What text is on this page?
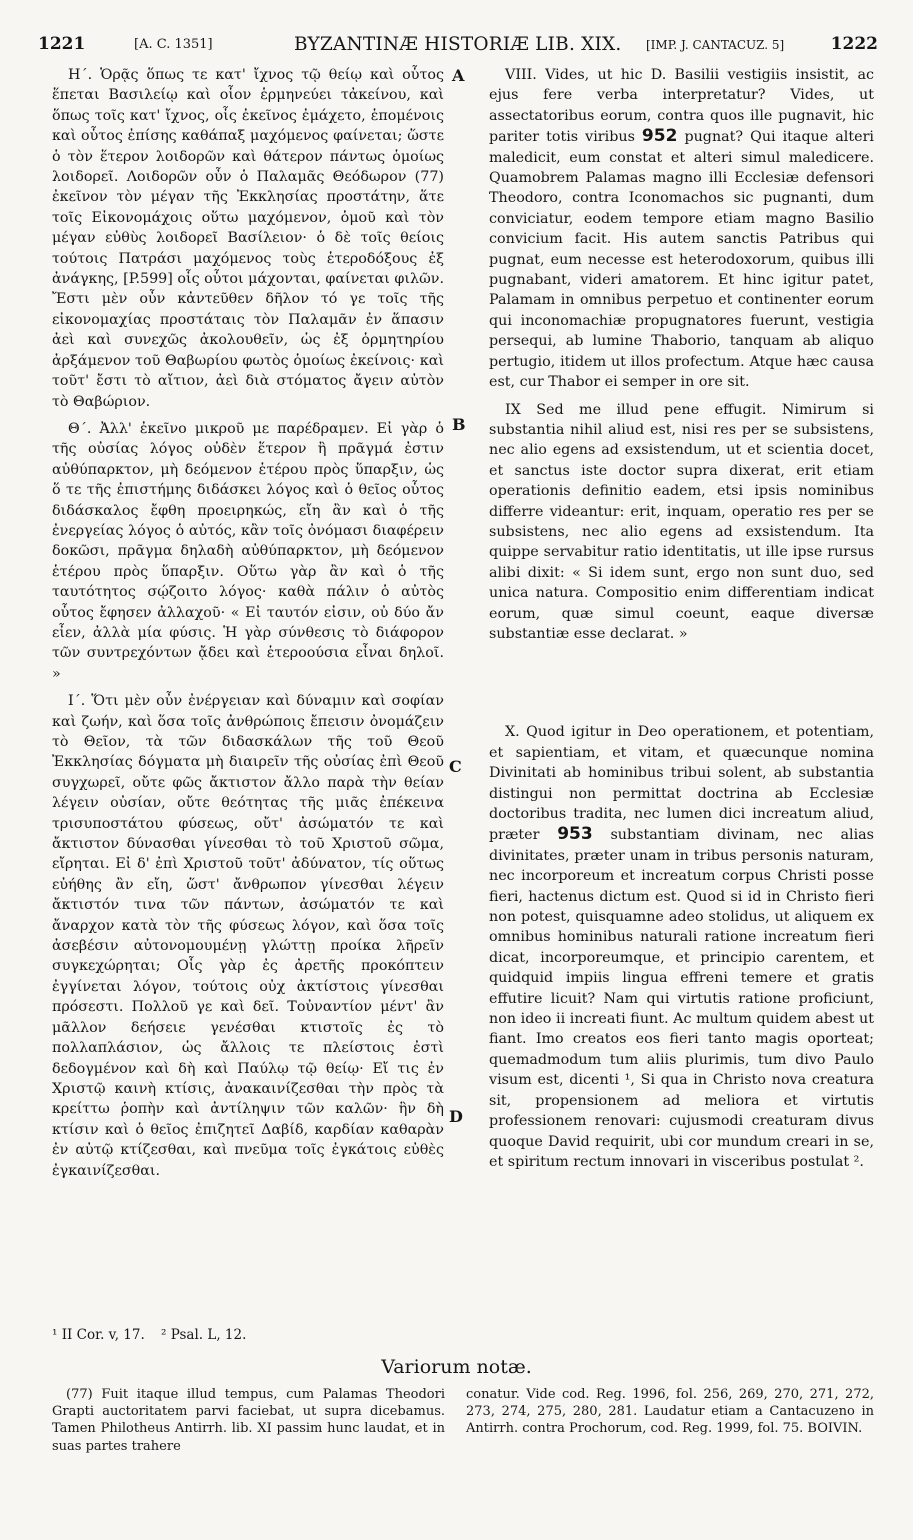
1221	[A. C. 1351]	BYZANTINÆ HISTORIÆ LIB. XIX. [IMP. J. CANTACUZ. 5]	1222

Η΄. Ὁρᾷς ὅπως τε κατ' ἴχνος τῷ θείῳ καὶ οὗτος ἕπεται Βασιλείῳ καὶ οἷον ἑρμηνεύει τἀκείνου, καὶ ὅπως τοῖς κατ' ἴχνος, οἷς ἐκεῖνος ἐμάχετο, ἑπομένοις καὶ οὗτος ἐπίσης καθάπαξ μαχόμενος φαίνεται; ὥστε ὁ τὸν ἕτερον λοιδορῶν καὶ θάτερον πάντως ὁμοίως λοιδορεῖ. Λοιδορῶν οὖν ὁ Παλαμᾶς Θεόδωρον (77) ἐκεῖνον τὸν μέγαν τῆς Ἐκκλησίας προστάτην, ἅτε τοῖς Εἰκονομάχοις οὕτω μαχόμενον, ὁμοῦ καὶ τὸν μέγαν εὐθὺς λοιδορεῖ Βασίλειον· ὁ δὲ τοῖς θείοις τούτοις Πατράσι μαχόμενος τοὺς ἑτεροδόξους ἐξ ἀνάγκης, [P.599] οἷς οὗτοι μάχονται, φαίνεται φιλῶν. Ἔστι μὲν οὖν κἀντεῦθεν δῆλον τό γε τοῖς τῆς εἰκονομαχίας προστάταις τὸν Παλαμᾶν ἐν ἅπασιν ἀεὶ καὶ συνεχῶς ἀκολουθεῖν, ὡς ἐξ ὁρμητηρίου ἀρξάμενον τοῦ Θαβωρίου φωτὸς ὁμοίως ἐκείνοις· καὶ τοῦτ' ἔστι τὸ αἴτιον, ἀεὶ διὰ στόματος ἄγειν αὐτὸν τὸ Θαβώριον.

Θ΄. Ἀλλ' ἐκεῖνο μικροῦ με παρέδραμεν. Εἰ γὰρ ὁ τῆς οὐσίας λόγος οὐδὲν ἕτερον ἢ πρᾶγμά ἐστιν αὐθύπαρκτον, μὴ δεόμενον ἑτέρου πρὸς ὕπαρξιν, ὡς ὅ τε τῆς ἐπιστήμης διδάσκει λόγος καὶ ὁ θεῖος οὗτος διδάσκαλος ἔφθη προειρηκώς, εἴη ἂν καὶ ὁ τῆς ἐνεργείας λόγος ὁ αὐτός, κἂν τοῖς ὀνόμασι διαφέρειν δοκῶσι, πρᾶγμα δηλαδὴ αὐθύπαρκτον, μὴ δεόμενον ἑτέρου πρὸς ὕπαρξιν. Οὕτω γὰρ ἂν καὶ ὁ τῆς ταυτότητος σῴζοιτο λόγος· καθὰ πάλιν ὁ αὐτὸς οὗτος ἔφησεν ἀλλαχοῦ· « Εἰ ταυτόν εἰσιν, οὐ δύο ἄν εἶεν, ἀλλὰ μία φύσις. Ἡ γὰρ σύνθεσις τὸ διάφορον τῶν συντρεχόντων ᾄδει καὶ ἑτεροούσια εἶναι δηλοῖ. »

Ι΄. Ὅτι μὲν οὖν ἐνέργειαν καὶ δύναμιν καὶ σοφίαν καὶ ζωήν, καὶ ὅσα τοῖς ἀνθρώποις ἔπεισιν ὀνομάζειν τὸ Θεῖον, τὰ τῶν διδασκάλων τῆς τοῦ Θεοῦ Ἐκκλησίας δόγματα μὴ διαιρεῖν τῆς οὐσίας ἐπὶ Θεοῦ συγχωρεῖ, οὔτε φῶς ἄκτιστον ἄλλο παρὰ τὴν θείαν λέγειν οὐσίαν, οὔτε θεότητας τῆς μιᾶς ἐπέκεινα τρισυποστάτου φύσεως, οὔτ' ἀσώματόν τε καὶ ἄκτιστον δύνασθαι γίνεσθαι τὸ τοῦ Χριστοῦ σῶμα, εἴρηται. Εἰ δ' ἐπὶ Χριστοῦ τοῦτ' ἀδύνατον, τίς οὕτως εὐήθης ἂν εἴη, ὥστ' ἄνθρωπον γίνεσθαι λέγειν ἄκτιστόν τινα τῶν πάντων, ἀσώματόν τε καὶ ἄναρχον κατὰ τὸν τῆς φύσεως λόγον, καὶ ὅσα τοῖς ἀσεβέσιν αὐτονομουμένῃ γλώττῃ προίκα λῆρεῖν συγκεχώρηται; Οἷς γὰρ ἐς ἀρετῆς προκόπτειν ἐγγίνεται λόγον, τούτοις οὐχ ἀκτίστοις γίνεσθαι πρόσεστι. Πολλοῦ γε καὶ δεῖ. Τοὐναντίον μέντ' ἂν μᾶλλον δεήσειε γενέσθαι κτιστοῖς ἐς τὸ πολλαπλάσιον, ὡς ἄλλοις τε πλείστοις ἐστὶ δεδογμένον καὶ δὴ καὶ Παύλῳ τῷ θείῳ· Εἴ τις ἐν Χριστῷ καινὴ κτίσις, ἀνακαινίζεσθαι τὴν πρὸς τὰ κρείττω ῥοπὴν καὶ ἀντίληψιν τῶν καλῶν· ἣν δὴ κτίσιν καὶ ὁ θεῖος ἐπιζητεῖ Δαβίδ, καρδίαν καθαρὰν ἐν αὐτῷ κτίζεσθαι, καὶ πνεῦμα τοῖς ἐγκάτοις εὐθὲς ἐγκαινίζεσθαι.

A
B
C
D

VIII. Vides, ut hic D. Basilii vestigiis insistit, ac ejus fere verba interpretatur? Vides, ut assectatoribus eorum, contra quos ille pugnavit, hic pariter totis viribus 952 pugnat? Qui itaque alteri maledicit, eum constat et alteri simul maledicere. Quamobrem Palamas magno illi Ecclesiæ defensori Theodoro, contra Iconomachos sic pugnanti, dum conviciatur, eodem tempore etiam magno Basilio convicium facit. His autem sanctis Patribus qui pugnat, eum necesse est heterodoxorum, quibus illi pugnabant, videri amatorem. Et hinc igitur patet, Palamam in omnibus perpetuo et continenter eorum qui inconomachiæ propugnatores fuerunt, vestigia persequi, ab lumine Thaborio, tanquam ab aliquo pertugio, itidem ut illos profectum. Atque hæc causa est, cur Thabor ei semper in ore sit.

IX Sed me illud pene effugit. Nimirum si substantia nihil aliud est, nisi res per se subsistens, nec alio egens ad exsistendum, ut et scientia docet, et sanctus iste doctor supra dixerat, erit etiam operationis definitio eadem, etsi ipsis nominibus differre videantur: erit, inquam, operatio res per se subsistens, nec alio egens ad exsistendum. Ita quippe servabitur ratio identitatis, ut ille ipse rursus alibi dixit: « Si idem sunt, ergo non sunt duo, sed unica natura. Compositio enim differentiam indicat eorum, quæ simul coeunt, eaque diversæ substantiæ esse declarat. »

X. Quod igitur in Deo operationem, et potentiam, et sapientiam, et vitam, et quæcunque nomina Divinitati ab hominibus tribui solent, ab substantia distingui non permittat doctrina ab Ecclesiæ doctoribus tradita, nec lumen dici increatum aliud, præter 953 substantiam divinam, nec alias divinitates, præter unam in tribus personis naturam, nec incorporeum et increatum corpus Christi posse fieri, hactenus dictum est. Quod si id in Christo fieri non potest, quisquamne adeo stolidus, ut aliquem ex omnibus hominibus naturali ratione increatum fieri dicat, incorporeumque, et principio carentem, et quidquid impiis lingua effreni temere et gratis effutire licuit? Nam qui virtutis ratione proficiunt, non ideo ii increati fiunt. Ac multum quidem abest ut fiant. Imo creatos eos fieri tanto magis oporteat; quemadmodum tum aliis plurimis, tum divo Paulo visum est, dicenti ¹, Si qua in Christo nova creatura sit, propensionem ad meliora et virtutis professionem renovari: cujusmodi creaturam divus quoque David requirit, ubi cor mundum creari in se, et spiritum rectum innovari in visceribus postulat ².

¹ II Cor. v, 17. ² Psal. L, 12.
Variorum notæ.

(77) Fuit itaque illud tempus, cum Palamas Theodori Grapti auctoritatem parvi faciebat, ut supra dicebamus. Tamen Philotheus Antirrh. lib. XI passim hunc laudat, et in suas partes trahere

conatur. Vide cod. Reg. 1996, fol. 256, 269, 270, 271, 272, 273, 274, 275, 280, 281. Laudatur etiam a Cantacuzeno in Antirrh. contra Prochorum, cod. Reg. 1999, fol. 75. BOIVIN.
